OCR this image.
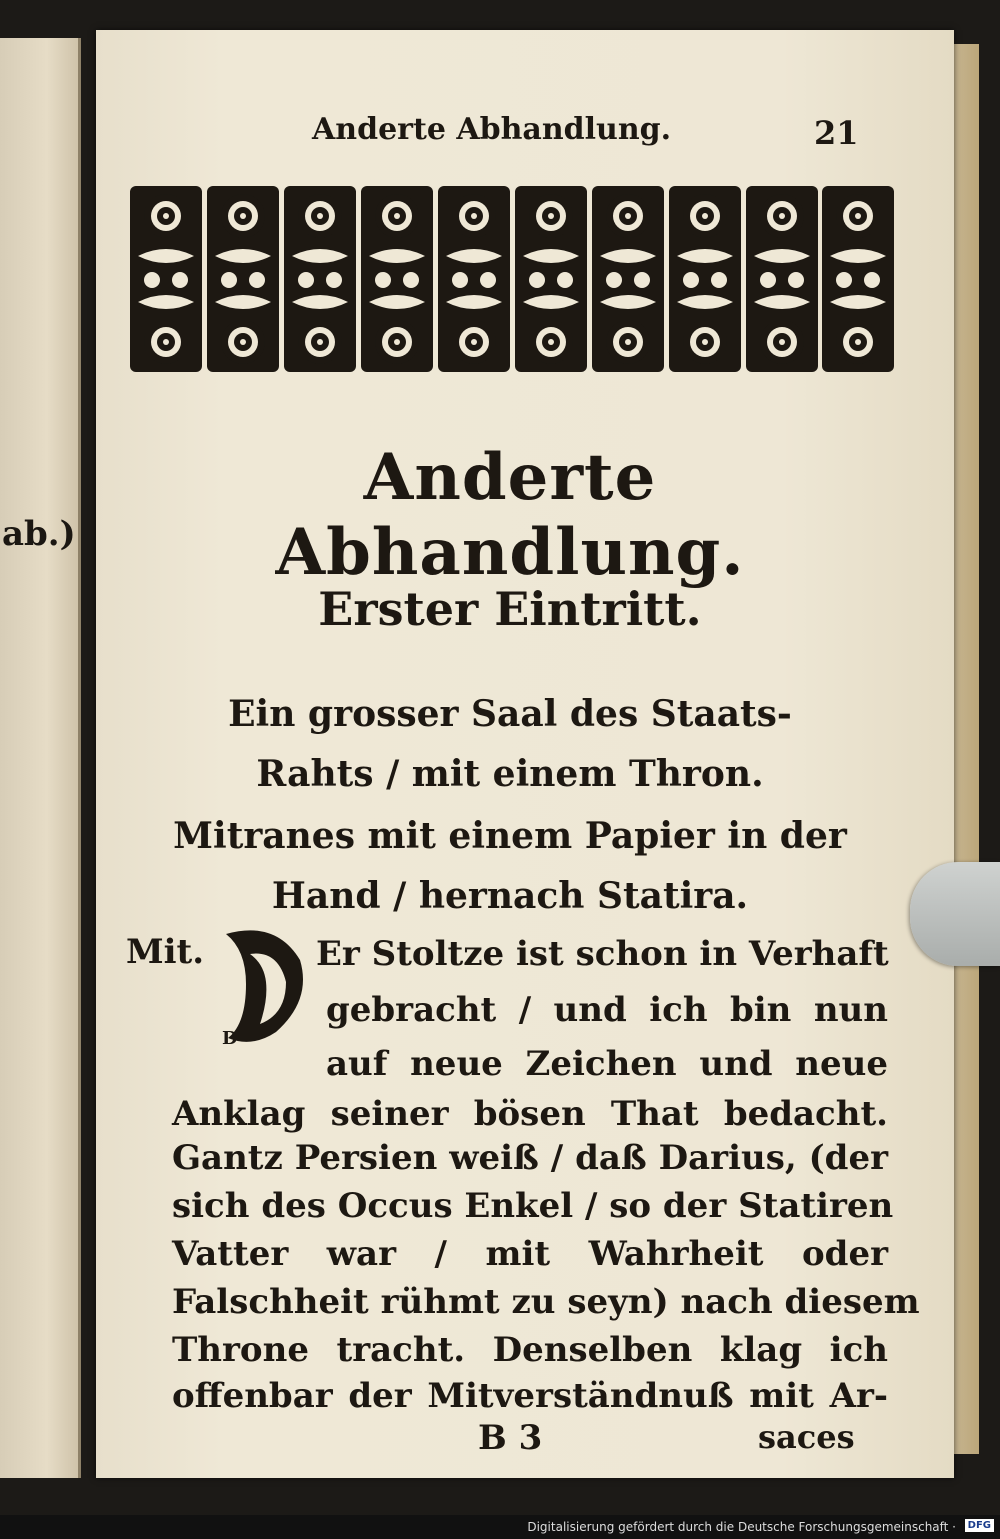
ab.)
Anderte Abhandlung.	21
Anderte Abhandlung.
Erster Eintritt.
Ein grosser Saal des Staats-
Rahts / mit einem Thron.
Mitranes mit einem Papier in der
Hand / hernach Statira.
Mit.
D
Er Stoltze ist schon in Verhaft
gebracht / und ich bin nun
auf neue Zeichen und neue
Anklag seiner bösen That bedacht.
Gantz Persien weiß / daß Darius, (der
sich des Occus Enkel / so der Statiren
Vatter war / mit Wahrheit oder
Falschheit rühmt zu seyn) nach diesem
Throne tracht. Denselben klag ich
offenbar der Mitverständnuß mit Ar-
B 3	saces
Digitalisierung gefördert durch die Deutsche Forschungsgemeinschaft ·	DFG
